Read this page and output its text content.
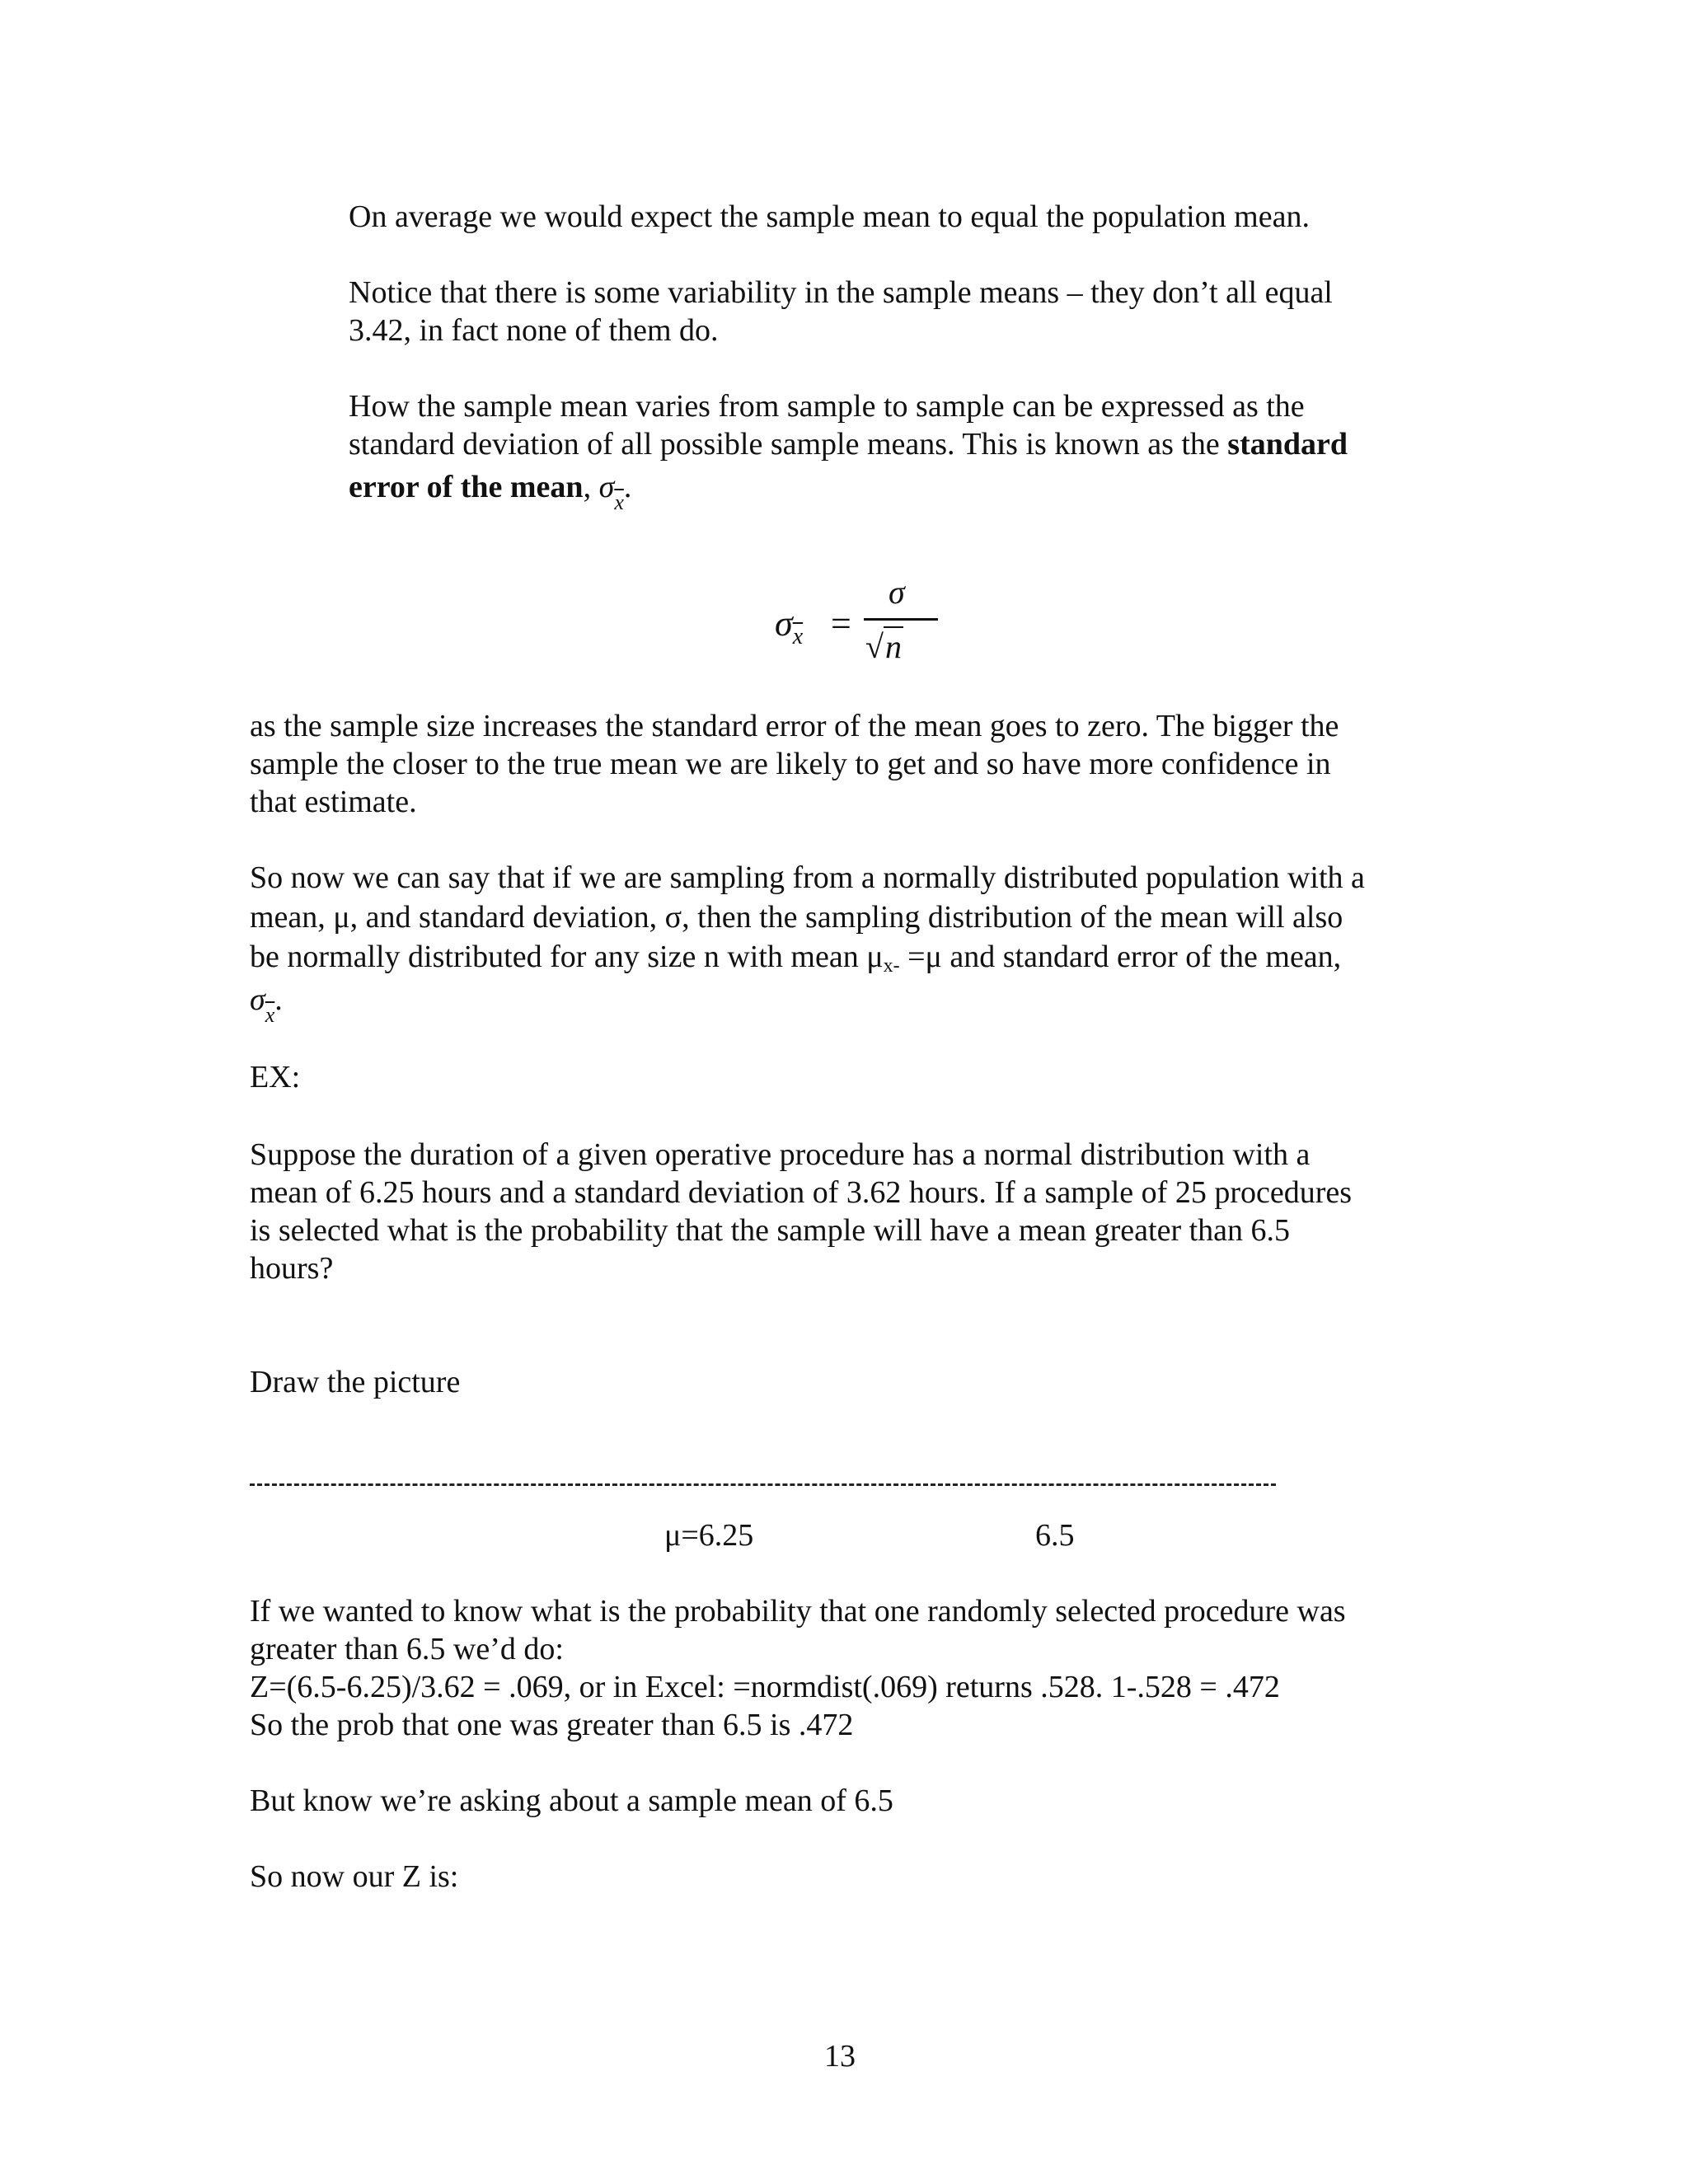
On average we would expect the sample mean to equal the population mean.

Notice that there is some variability in the sample means – they don’t all equal

3.42, in fact none of them do.

How the sample mean varies from sample to sample can be expressed as the

standard deviation of all possible sample means. This is known as the standard

error of the mean, $\sigma_{\overline{x}}$.

$\sigma_{\overline{x}}$ =
σ
√n

as the sample size increases the standard error of the mean goes to zero. The bigger the

sample the closer to the true mean we are likely to get and so have more confidence in

that estimate.

So now we can say that if we are sampling from a normally distributed population with a

mean, μ, and standard deviation, σ, then the sampling distribution of the mean will also

be normally distributed for any size n with mean μx- =μ and standard error of the mean,

$\sigma_{\overline{x}}$.

EX:

Suppose the duration of a given operative procedure has a normal distribution with a

mean of 6.25 hours and a standard deviation of 3.62 hours. If a sample of 25 procedures

is selected what is the probability that the sample will have a mean greater than 6.5

hours?

Draw the picture

μ=6.25	6.5

If we wanted to know what is the probability that one randomly selected procedure was

greater than 6.5 we’d do:

Z=(6.5-6.25)/3.62 = .069, or in Excel: =normdist(.069) returns .528. 1-.528 = .472

So the prob that one was greater than 6.5 is .472

But know we’re asking about a sample mean of 6.5

So now our Z is:

13
